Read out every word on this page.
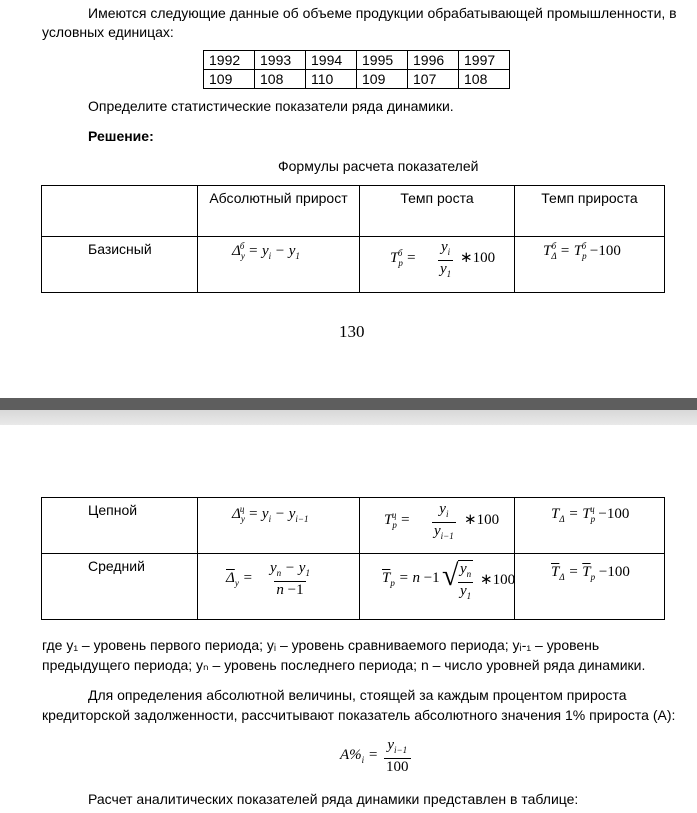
Имеются следующие данные об объеме продукции обрабатывающей промышленности, в
условных единицах:
1992	1993	1994	1995	1996	1997
109	108	110	109	107	108
Определите статистические показатели ряда динамики.
Решение:
Формулы расчета показателей
	Абсолютный прирост	Темп роста	Темп прироста
Базисный	$\Delta_y^б = y_i - y_1$	$T_p^б = \frac{y_i}{y_1}$ ∗100	$T_\Delta^б = T_p^б -100$
130
Цепной	$\Delta_y^ц = y_i - y_{i-1}$	$T_p^ц = \frac{y_i}{y_{i-1}}$ ∗100	$T_\Delta = T_p^ц -100$

Средний	$\overline{\Delta}_y = \frac{y_n - y_1}{n -1}$	$\overline{T}_p = n -1$ √ $\frac{y_n}{y_1}$ ∗100	$\overline{T}_\Delta = \overline{T}_p -100$
где y₁ – уровень первого периода; yᵢ – уровень сравниваемого периода; yᵢ-₁ – уровень
предыдущего периода; yₙ – уровень последнего периода; n – число уровней ряда динамики.
Для определения абсолютной величины, стоящей за каждым процентом прироста
кредиторской задолженности, рассчитывают показатель абсолютного значения 1% прироста (А):
$A\%_i = \frac{y_{i-1}}{100}$
Расчет аналитических показателей ряда динамики представлен в таблице:
